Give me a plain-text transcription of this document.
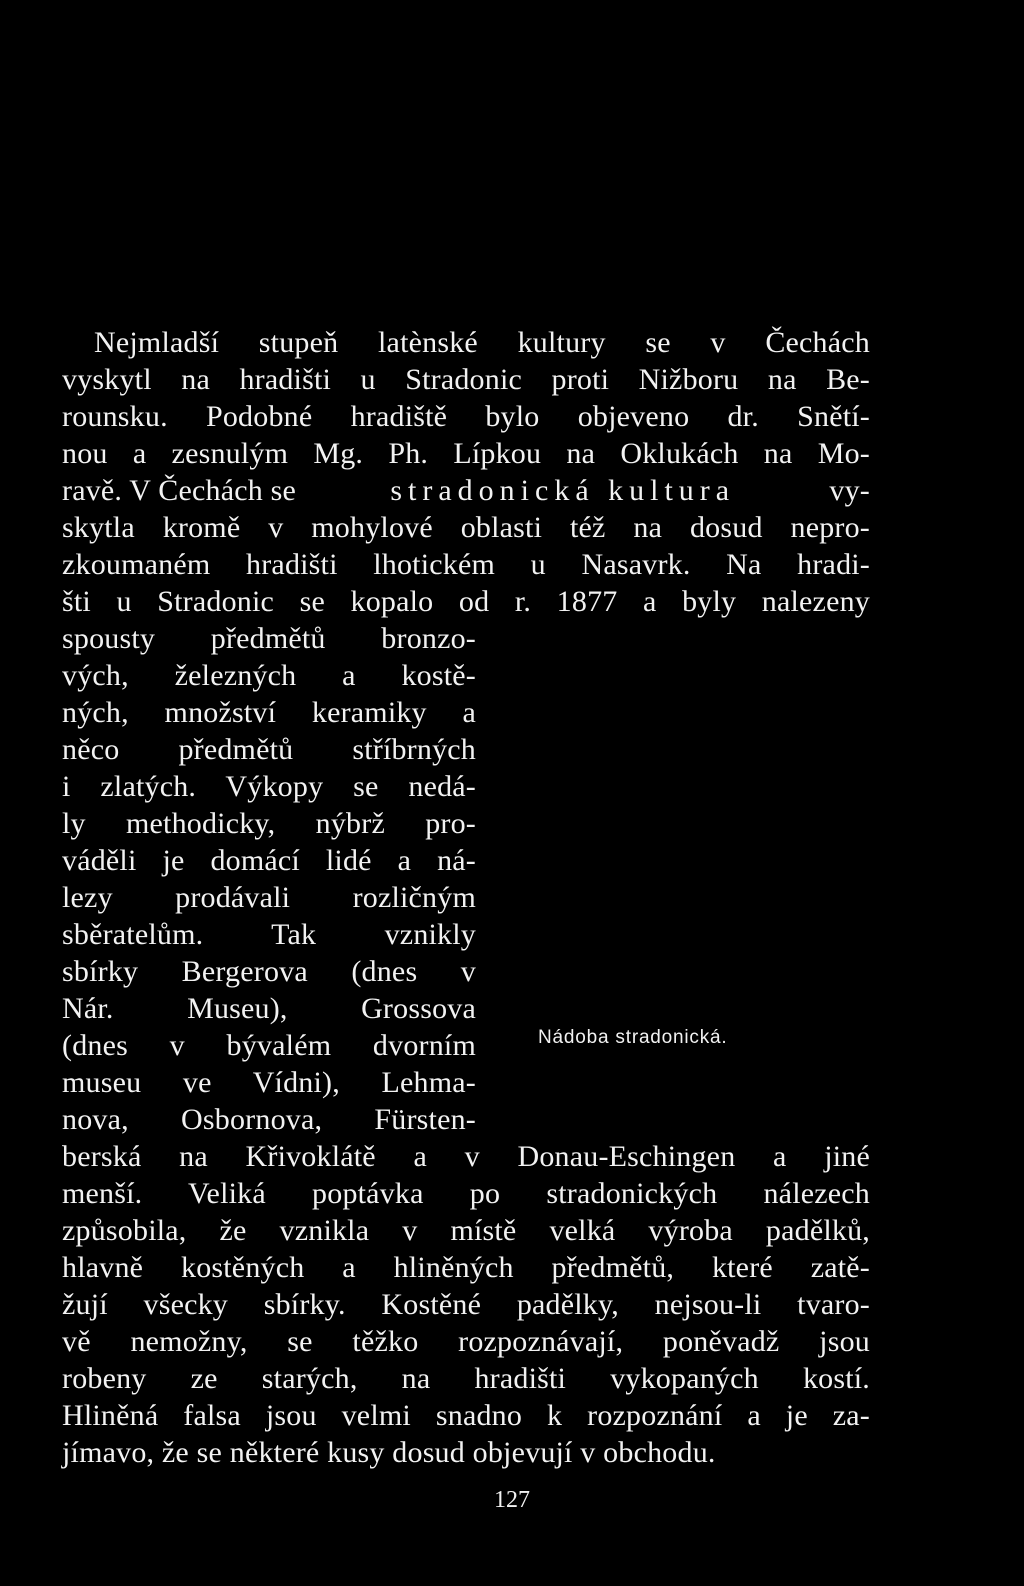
Nejmladší stupeň latènské kultury se v Čechách
vyskytl na hradišti u Stradonic proti Nižboru na Be-
rounsku. Podobné hradiště bylo objeveno dr. Snětí-
nou a zesnulým Mg. Ph. Lípkou na Oklukách na Mo-
ravě. V Čechách se	stradonická kultura	vy-
skytla kromě v mohylové oblasti též na dosud nepro-
zkoumaném hradišti lhotickém u Nasavrk. Na hradi-
šti u Stradonic se kopalo od r. 1877 a byly nalezeny
spousty předmětů bronzo-
vých, železných a kostě-
ných, množství keramiky a
něco předmětů stříbrných
i zlatých. Výkopy se nedá-
ly methodicky, nýbrž pro-
váděli je domácí lidé a ná-
lezy prodávali rozličným
sběratelům. Tak vznikly
sbírky Bergerova (dnes v
Nár. Museu), Grossova
(dnes v bývalém dvorním
museu ve Vídni), Lehma-
nova, Osbornova, Fürsten-
Nádoba stradonická.
berská na Křivoklátě a v Donau-Eschingen a jiné
menší. Veliká poptávka po stradonických nálezech
způsobila, že vznikla v místě velká výroba padělků,
hlavně kostěných a hliněných předmětů, které zatě-
žují všecky sbírky. Kostěné padělky, nejsou-li tvaro-
vě nemožny, se těžko rozpoznávají, poněvadž jsou
robeny ze starých, na hradišti vykopaných kostí.
Hliněná falsa jsou velmi snadno k rozpoznání a je za-
jímavo, že se některé kusy dosud objevují v obchodu.
127
